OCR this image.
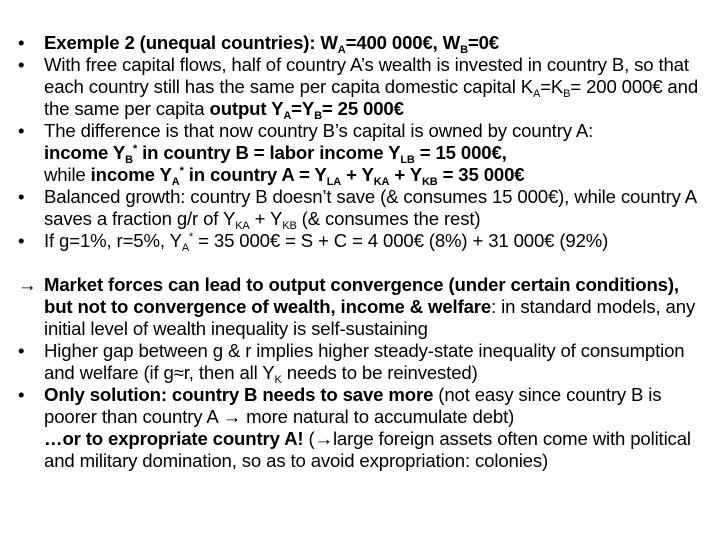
•	Exemple 2 (unequal countries): $W_A=400$ 000€, $W_B=0€$
•	With free capital flows, half of country A’s wealth is invested in country B, so that each country still has the same per capita domestic capital $K_A=K_B= 200$ 000€ and the same per capita output $Y_A=Y_B= 25$ 000€
•	The difference is that now country B’s capital is owned by country A:
income $Y_B^*$ in country B = labor income $Y_{LB} = 15$ 000€,
while income $Y_A^*$ in country $A = Y_{LA} + Y_{KA} + Y_{KB} = 35$ 000€
•	Balanced growth: country B doesn’t save (& consumes 15 000€), while country A saves a fraction g/r of $Y_{KA} + Y_{KB}$ (& consumes the rest)
•	If g=1%, r=5%, $Y_A^* = 35$ 000€ = S + C = 4 000€ (8%) + 31 000€ (92%)
→ Market forces can lead to output convergence (under certain conditions), but not to convergence of wealth, income & welfare: in standard models, any initial level of wealth inequality is self-sustaining
•	Higher gap between g & r implies higher steady-state inequality of consumption and welfare (if g≈r, then all $Y_K$ needs to be reinvested)
•	Only solution: country B needs to save more (not easy since country B is poorer than country A → more natural to accumulate debt)
…or to expropriate country A! (→large foreign assets often come with political and military domination, so as to avoid expropriation: colonies)
